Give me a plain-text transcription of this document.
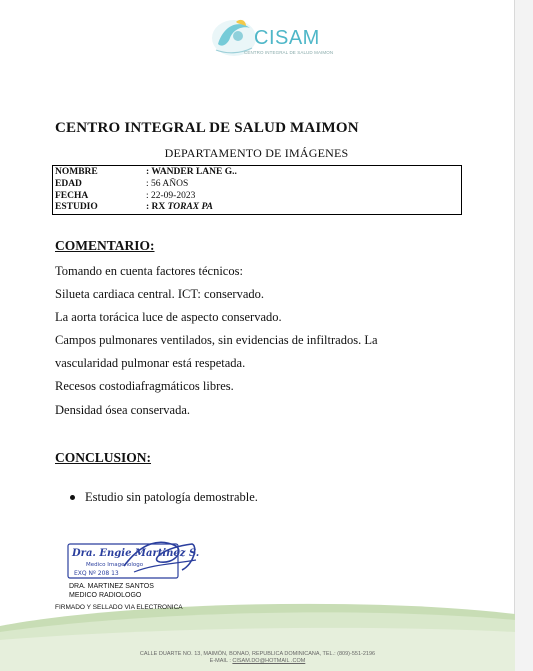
CISAM
CENTRO INTEGRAL DE SALUD MAIMON
CENTRO INTEGRAL DE SALUD MAIMON
DEPARTAMENTO DE IMÁGENES
NOMBRE	: WANDER LANE G..
EDAD	: 56 AÑOS
FECHA	: 22-09-2023
ESTUDIO	: RX TORAX PA
COMENTARIO:
Tomando en cuenta factores técnicos:
Silueta cardiaca central. ICT: conservado.
La aorta torácica luce de aspecto conservado.
Campos pulmonares ventilados, sin evidencias de infiltrados. La
vascularidad pulmonar está respetada.
Recesos costodiafragmáticos libres.
Densidad ósea conservada.
CONCLUSION:
Estudio sin patología demostrable.
Dra. Engie Martinez S.
Medico Imagenologo
EXQ Nº 208 13
DRA. MARTINEZ SANTOS
MEDICO RADIOLOGO
FIRMADO Y SELLADO VIA ELECTRONICA
CALLE DUARTE NO. 13, MAIMÓN, BONAO, REPUBLICA DOMINICANA, TEL.: (809)-551-2196
E-MAIL : CISAM.DO@HOTMAIL .COM
